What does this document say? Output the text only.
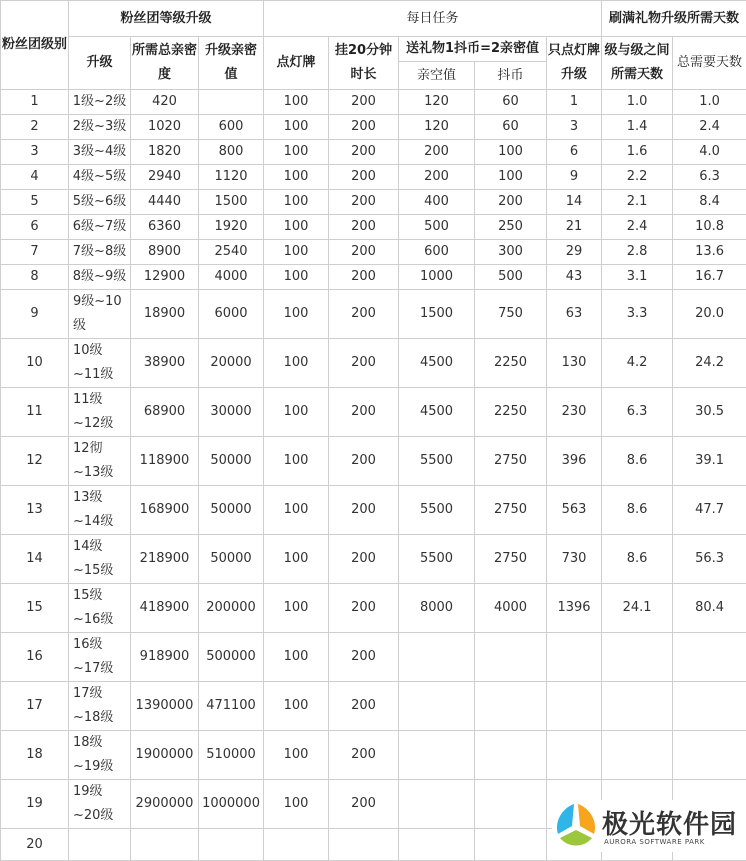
粉丝团级别	粉丝团等级升级			每日任务					刷满礼物升级所需天数	
	升级	所需总亲密度	升级亲密值	点灯牌	挂20分钟时长	送礼物1抖币=2亲密值		只点灯牌升级	级与级之间所需天数	总需要天数
						亲空值	抖币			
1	1级~2级	420		100	200	120	60	1	1.0	1.0
2	2级~3级	1020	600	100	200	120	60	3	1.4	2.4
3	3级~4级	1820	800	100	200	200	100	6	1.6	4.0
4	4级~5级	2940	1120	100	200	200	100	9	2.2	6.3
5	5级~6级	4440	1500	100	200	400	200	14	2.1	8.4
6	6级~7级	6360	1920	100	200	500	250	21	2.4	10.8
7	7级~8级	8900	2540	100	200	600	300	29	2.8	13.6
8	8级~9级	12900	4000	100	200	1000	500	43	3.1	16.7
9	9级~10级	18900	6000	100	200	1500	750	63	3.3	20.0
10	10级~11级	38900	20000	100	200	4500	2250	130	4.2	24.2
11	11级~12级	68900	30000	100	200	4500	2250	230	6.3	30.5
12	12彻~13级	118900	50000	100	200	5500	2750	396	8.6	39.1
13	13级~14级	168900	50000	100	200	5500	2750	563	8.6	47.7
14	14级~15级	218900	50000	100	200	5500	2750	730	8.6	56.3
15	15级~16级	418900	200000	100	200	8000	4000	1396	24.1	80.4
16	16级~17级	918900	500000	100	200					
17	17级~18级	1390000	471100	100	200					
18	18级~19级	1900000	510000	100	200					
19	19级~20级	2900000	1000000	100	200					
20										
极光软件园
AURORA SOFTWARE PARK
